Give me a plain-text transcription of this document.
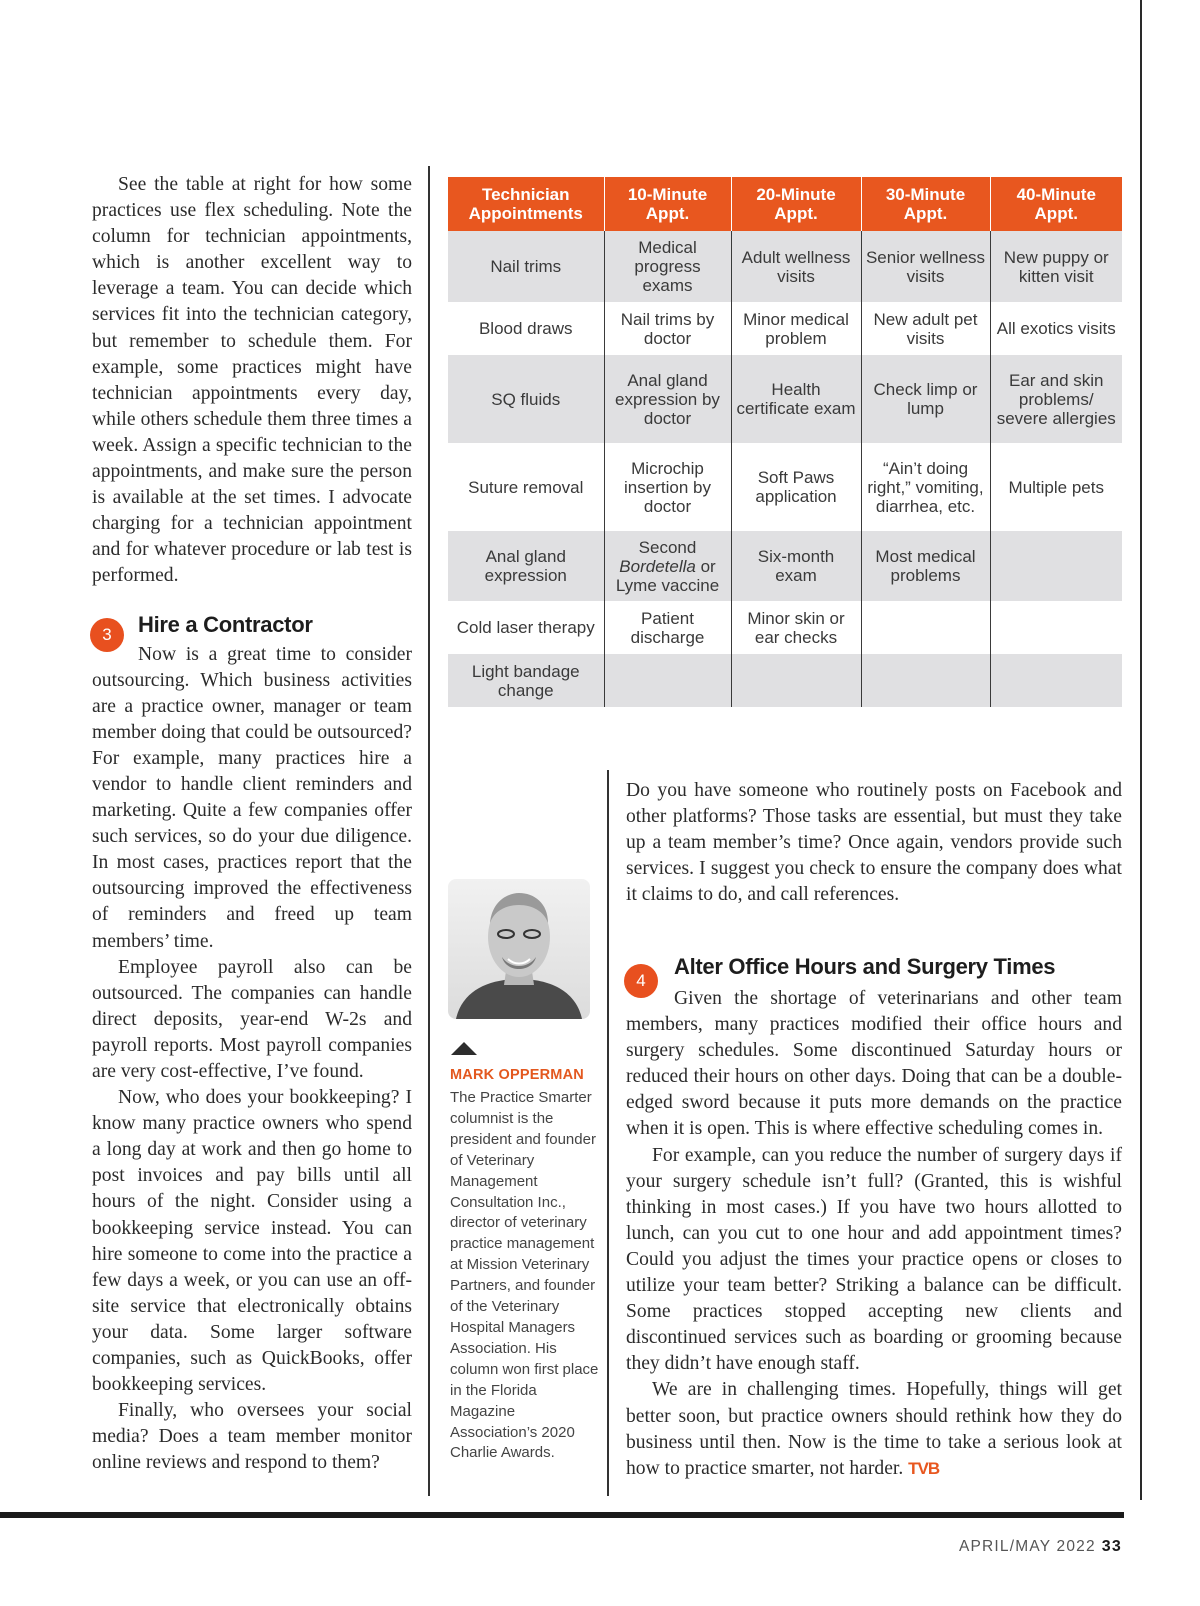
See the table at right for how some practices use flex scheduling. Note the column for technician appointments, which is another excellent way to leverage a team. You can decide which services fit into the technician category, but remember to schedule them. For example, some practices might have technician appointments every day, while others schedule them three times a week. Assign a specific technician to the appointments, and make sure the person is available at the set times. I advocate charging for a technician appointment and for whatever procedure or lab test is performed.

3	Hire a Contractor

Now is a great time to consider outsourcing. Which business activities are a practice owner, manager or team member doing that could be outsourced? For example, many practices hire a vendor to handle client reminders and marketing. Quite a few companies offer such services, so do your due diligence. In most cases, practices report that the outsourcing improved the effectiveness of reminders and freed up team members’ time.

Employee payroll also can be outsourced. The companies can handle direct deposits, year-end W-2s and payroll reports. Most payroll companies are very cost-effective, I’ve found.

Now, who does your bookkeeping? I know many practice owners who spend a long day at work and then go home to post invoices and pay bills until all hours of the night. Consider using a bookkeeping service instead. You can hire someone to come into the practice a few days a week, or you can use an off-site service that electronically obtains your data. Some larger software companies, such as QuickBooks, offer bookkeeping services.

Finally, who oversees your social media? Does a team member monitor online reviews and respond to them?

Technician Appointments	10-Minute Appt.	20-Minute Appt.	30-Minute Appt.	40-Minute Appt.
Nail trims	Medical progress exams	Adult wellness visits	Senior wellness visits	New puppy or kitten visit
Blood draws	Nail trims by doctor	Minor medical problem	New adult pet visits	All exotics visits
SQ fluids	Anal gland expression by doctor	Health certificate exam	Check limp or lump	Ear and skin problems/ severe allergies
Suture removal	Microchip insertion by doctor	Soft Paws application	“Ain’t doing right,” vomiting, diarrhea, etc.	Multiple pets
Anal gland expression	Second Bordetella or Lyme vaccine	Six-month exam	Most medical problems	
Cold laser therapy	Patient discharge	Minor skin or ear checks		
Light bandage change				
MARK OPPERMAN
The Practice Smarter columnist is the president and founder of Veterinary Management Consultation Inc., director of veterinary practice management at Mission Veterinary Partners, and founder of the Veterinary Hospital Managers Association. His column won first place in the Florida Magazine Association’s 2020 Charlie Awards.

Do you have someone who routinely posts on Facebook and other platforms? Those tasks are essential, but must they take up a team member’s time? Once again, vendors provide such services. I suggest you check to ensure the company does what it claims to do, and call references.

4
Alter Office Hours and Surgery Times

Given the shortage of veterinarians and other team members, many practices modified their office hours and surgery schedules. Some discontinued Saturday hours or reduced their hours on other days. Doing that can be a double-edged sword because it puts more demands on the practice when it is open. This is where effective scheduling comes in.

For example, can you reduce the number of surgery days if your surgery schedule isn’t full? (Granted, this is wishful thinking in most cases.) If you have two hours allotted to lunch, can you cut to one hour and add appointment times? Could you adjust the times your practice opens or closes to utilize your team better? Striking a balance can be difficult. Some practices stopped accepting new clients and discontinued services such as boarding or grooming because they didn’t have enough staff.

We are in challenging times. Hopefully, things will get better soon, but practice owners should rethink how they do business until then. Now is the time to take a serious look at how to practice smarter, not harder. TVB

APRIL/MAY 2022 33
